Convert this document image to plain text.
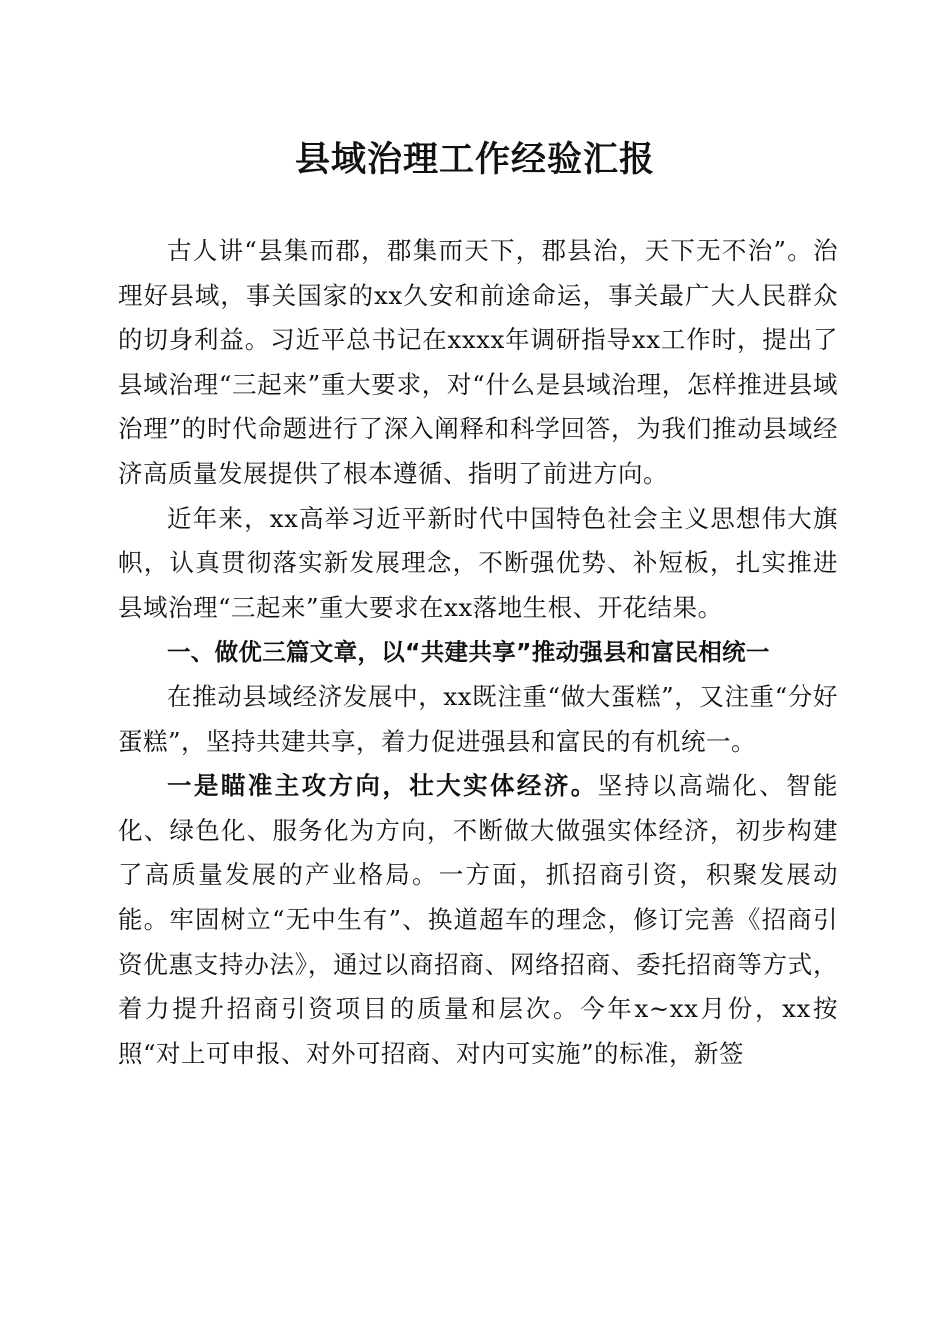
县域治理工作经验汇报

古人讲“县集而郡，郡集而天下，郡县治，天下无不治”。治理好县域，事关国家的xx久安和前途命运，事关最广大人民群众的切身利益。习近平总书记在xxxx年调研指导xx工作时，提出了县域治理“三起来”重大要求，对“什么是县域治理，怎样推进县域治理”的时代命题进行了深入阐释和科学回答，为我们推动县域经济高质量发展提供了根本遵循、指明了前进方向。

近年来，xx高举习近平新时代中国特色社会主义思想伟大旗帜，认真贯彻落实新发展理念，不断强优势、补短板，扎实推进县域治理“三起来”重大要求在xx落地生根、开花结果。

一、做优三篇文章，以“共建共享”推动强县和富民相统一

在推动县域经济发展中，xx既注重“做大蛋糕”，又注重“分好蛋糕”，坚持共建共享，着力促进强县和富民的有机统一。

一是瞄准主攻方向，壮大实体经济。坚持以高端化、智能化、绿色化、服务化为方向，不断做大做强实体经济，初步构建了高质量发展的产业格局。一方面，抓招商引资，积聚发展动能。牢固树立“无中生有”、换道超车的理念，修订完善《招商引资优惠支持办法》，通过以商招商、网络招商、委托招商等方式，着力提升招商引资项目的质量和层次。今年x~xx月份，xx按照“对上可申报、对外可招商、对内可实施”的标准，新签
